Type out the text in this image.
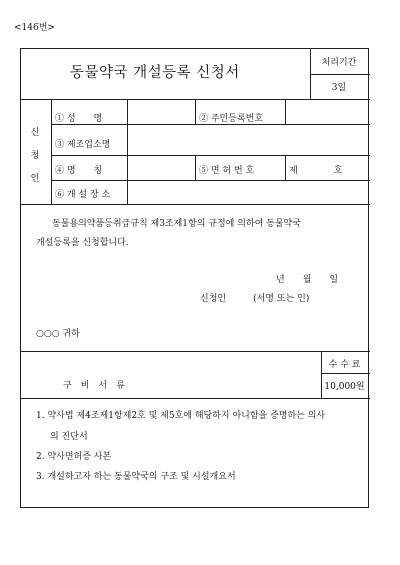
<146번>
동물약국 개설등록 신청서
처리기간
3일
신
청
인
① 성　　명	② 주민등록번호
③ 제조업소명
④ 명　　칭	⑤ 면 허 번 호	제　　　　호
⑥ 개 설 장 소
동물용의약품등취급규칙 제3조제1항의 규정에 의하여 동물약국
개설등록을 신청합니다.
년　　월　　일
신청인　　　(서명 또는 인)
○○○ 귀하
구　비　서　류
수 수 료
10,000원
1. 약사법 제4조제1항제2호 및 제5호에 해당하지 아니함을 증명하는 의사
의 진단서
2. 약사면허증 사본
3. 개설하고자 하는 동물약국의 구조 및 시설개요서
